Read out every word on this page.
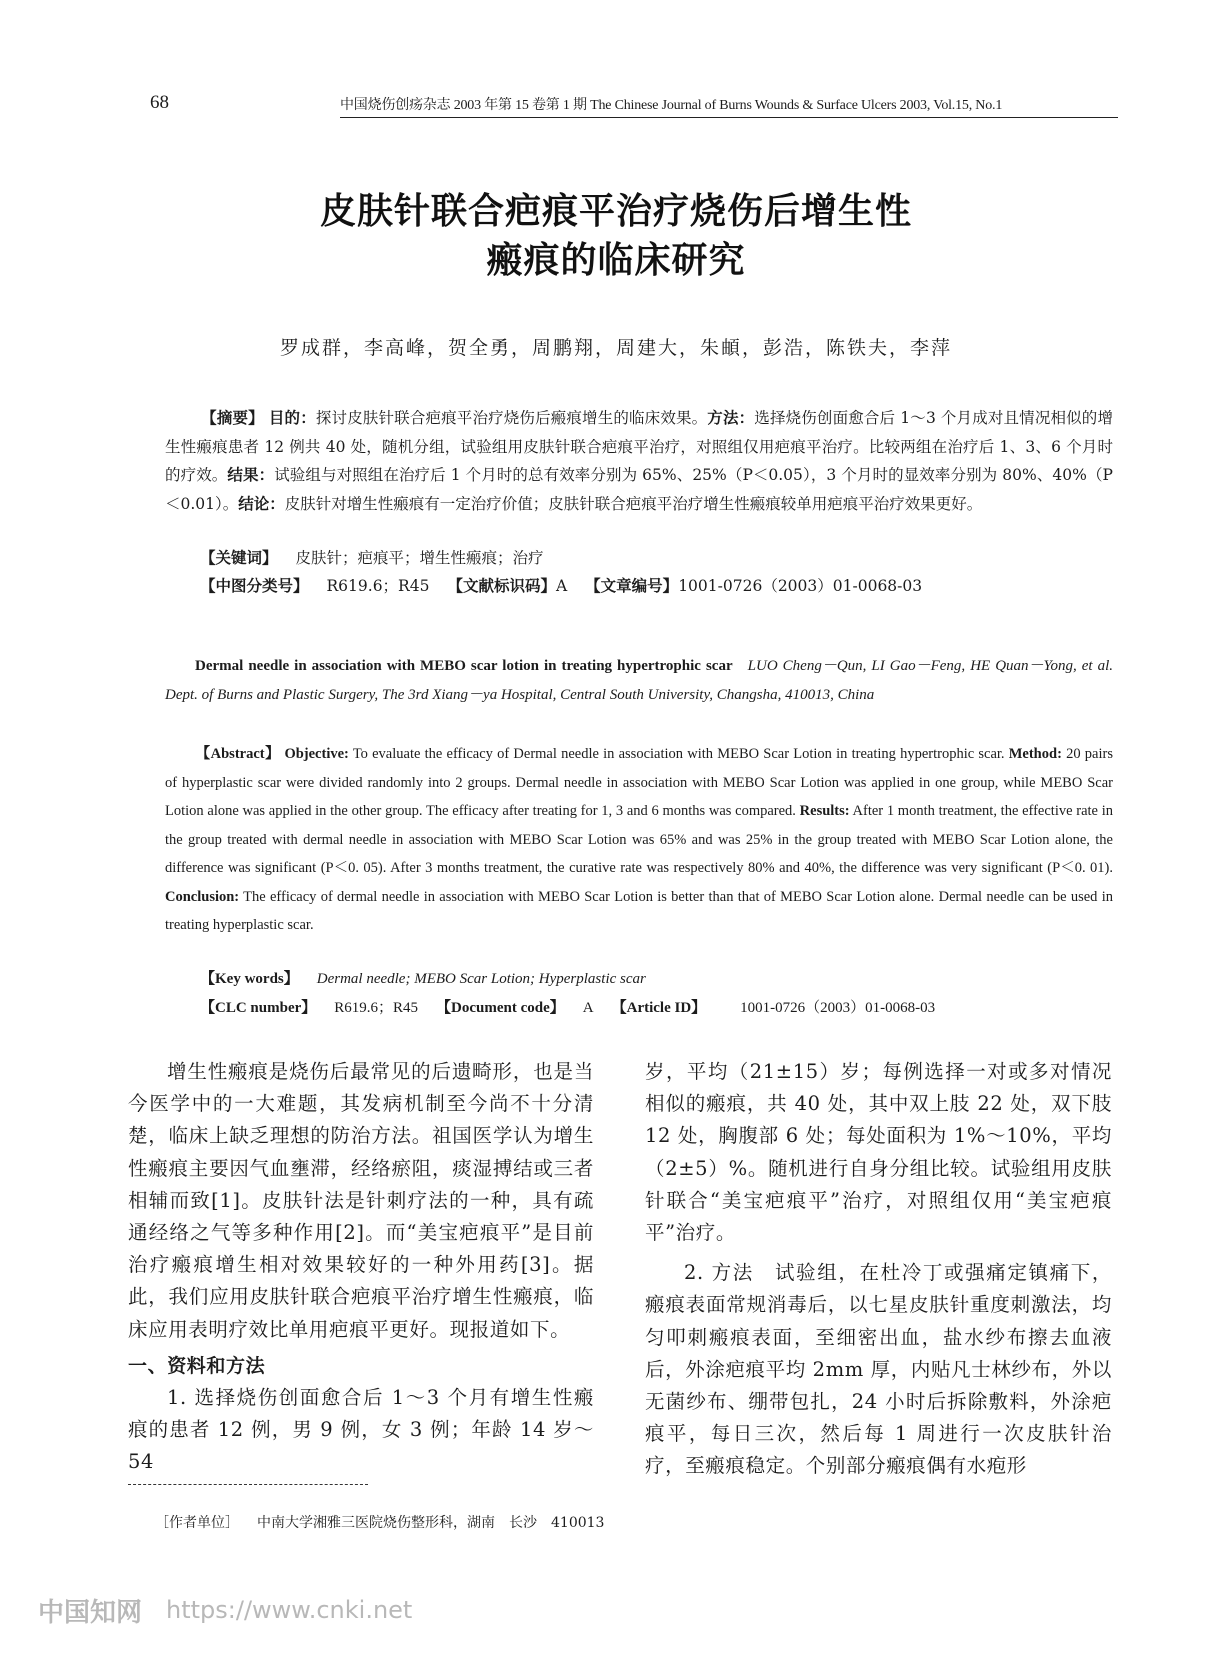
68	中国烧伤创疡杂志 2003 年第 15 卷第 1 期 The Chinese Journal of Burns Wounds & Surface Ulcers 2003, Vol.15, No.1
皮肤针联合疤痕平治疗烧伤后增生性
瘢痕的临床研究
罗成群，李高峰，贺全勇，周鹏翔，周建大，朱頔，彭浩，陈铁夫，李萍
【摘要】 目的：探讨皮肤针联合疤痕平治疗烧伤后瘢痕增生的临床效果。方法：选择烧伤创面愈合后 1～3 个月成对且情况相似的增生性瘢痕患者 12 例共 40 处，随机分组，试验组用皮肤针联合疤痕平治疗，对照组仅用疤痕平治疗。比较两组在治疗后 1、3、6 个月时的疗效。结果：试验组与对照组在治疗后 1 个月时的总有效率分别为 65%、25%（P＜0.05），3 个月时的显效率分别为 80%、40%（P＜0.01）。结论：皮肤针对增生性瘢痕有一定治疗价值；皮肤针联合疤痕平治疗增生性瘢痕较单用疤痕平治疗效果更好。
【关键词】 皮肤针；疤痕平；增生性瘢痕；治疗
【中图分类号】 R619.6；R45 【文献标识码】A 【文章编号】1001-0726（2003）01-0068-03
Dermal needle in association with MEBO scar lotion in treating hypertrophic scar LUO Cheng－Qun, LI Gao－Feng, HE Quan－Yong, et al. Dept. of Burns and Plastic Surgery, The 3rd Xiang－ya Hospital, Central South University, Changsha, 410013, China
【Abstract】 Objective: To evaluate the efficacy of Dermal needle in association with MEBO Scar Lotion in treating hypertrophic scar. Method: 20 pairs of hyperplastic scar were divided randomly into 2 groups. Dermal needle in association with MEBO Scar Lotion was applied in one group, while MEBO Scar Lotion alone was applied in the other group. The efficacy after treating for 1, 3 and 6 months was compared. Results: After 1 month treatment, the effective rate in the group treated with dermal needle in association with MEBO Scar Lotion was 65% and was 25% in the group treated with MEBO Scar Lotion alone, the difference was significant (P＜0. 05). After 3 months treatment, the curative rate was respectively 80% and 40%, the difference was very significant (P＜0. 01). Conclusion: The efficacy of dermal needle in association with MEBO Scar Lotion is better than that of MEBO Scar Lotion alone. Dermal needle can be used in treating hyperplastic scar.
【Key words】 Dermal needle; MEBO Scar Lotion; Hyperplastic scar
【CLC number】 R619.6；R45 【Document code】 A 【Article ID】 1001-0726（2003）01-0068-03

增生性瘢痕是烧伤后最常见的后遗畸形，也是当今医学中的一大难题，其发病机制至今尚不十分清楚，临床上缺乏理想的防治方法。祖国医学认为增生性瘢痕主要因气血壅滞，经络瘀阻，痰湿搏结或三者相辅而致[1]。皮肤针法是针刺疗法的一种，具有疏通经络之气等多种作用[2]。而“美宝疤痕平”是目前治疗瘢痕增生相对效果较好的一种外用药[3]。据此，我们应用皮肤针联合疤痕平治疗增生性瘢痕，临床应用表明疗效比单用疤痕平更好。现报道如下。

一、资料和方法

1. 选择烧伤创面愈合后 1～3 个月有增生性瘢痕的患者 12 例，男 9 例，女 3 例；年龄 14 岁～54

岁，平均（21±15）岁；每例选择一对或多对情况相似的瘢痕，共 40 处，其中双上肢 22 处，双下肢 12 处，胸腹部 6 处；每处面积为 1%～10%，平均（2±5）%。随机进行自身分组比较。试验组用皮肤针联合“美宝疤痕平”治疗，对照组仅用“美宝疤痕平”治疗。

2. 方法　试验组，在杜冷丁或强痛定镇痛下，瘢痕表面常规消毒后，以七星皮肤针重度刺激法，均匀叩刺瘢痕表面，至细密出血，盐水纱布擦去血液后，外涂疤痕平均 2mm 厚，内贴凡士林纱布，外以无菌纱布、绷带包扎，24 小时后拆除敷料，外涂疤痕平，每日三次，然后每 1 周进行一次皮肤针治疗，至瘢痕稳定。个别部分瘢痕偶有水疱形

［作者单位］ 中南大学湘雅三医院烧伤整形科，湖南　长沙　410013
中国知网 https://www.cnki.net
